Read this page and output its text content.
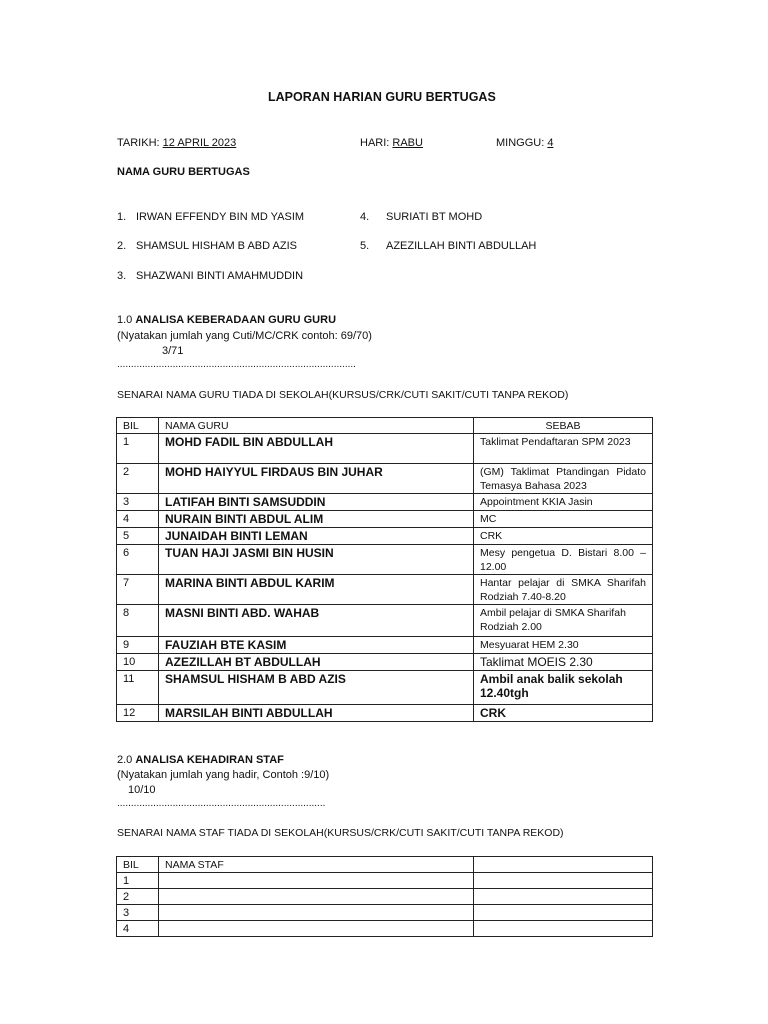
LAPORAN HARIAN GURU BERTUGAS
TARIKH: 12 APRIL 2023	HARI: RABU	MINGGU: 4
NAMA GURU BERTUGAS
1. IRWAN EFFENDY BIN MD YASIM
2. SHAMSUL HISHAM B ABD AZIS
3. SHAZWANI BINTI AMAHMUDDIN
4. SURIATI BT MOHD
5. AZEZILLAH BINTI ABDULLAH
1.0 ANALISA KEBERADAAN GURU GURU
(Nyatakan jumlah yang Cuti/MC/CRK contoh: 69/70)
3/71
......................................................................................
SENARAI NAMA GURU TIADA DI SEKOLAH(KURSUS/CRK/CUTI SAKIT/CUTI TANPA REKOD)
BIL	NAMA GURU	SEBAB
1	MOHD FADIL BIN ABDULLAH	Taklimat Pendaftaran SPM 2023
2	MOHD HAIYYUL FIRDAUS BIN JUHAR	(GM) Taklimat Ptandingan Pidato Temasya Bahasa 2023
3	LATIFAH BINTI SAMSUDDIN	Appointment KKIA Jasin
4	NURAIN BINTI ABDUL ALIM	MC
5	JUNAIDAH BINTI LEMAN	CRK
6	TUAN HAJI JASMI BIN HUSIN	Mesy pengetua D. Bistari 8.00 – 12.00
7	MARINA BINTI ABDUL KARIM	Hantar pelajar di SMKA Sharifah Rodziah 7.40-8.20
8	MASNI BINTI ABD. WAHAB	Ambil pelajar di SMKA Sharifah Rodziah 2.00
9	FAUZIAH BTE KASIM	Mesyuarat HEM 2.30
10	AZEZILLAH BT ABDULLAH	Taklimat MOEIS 2.30
11	SHAMSUL HISHAM B ABD AZIS	Ambil anak balik sekolah 12.40tgh
12	MARSILAH BINTI ABDULLAH	CRK
2.0 ANALISA KEHADIRAN STAF
(Nyatakan jumlah yang hadir, Contoh :9/10)
10/10
...........................................................................
SENARAI NAMA STAF TIADA DI SEKOLAH(KURSUS/CRK/CUTI SAKIT/CUTI TANPA REKOD)
BIL	NAMA STAF	
1		
2		
3		
4		
